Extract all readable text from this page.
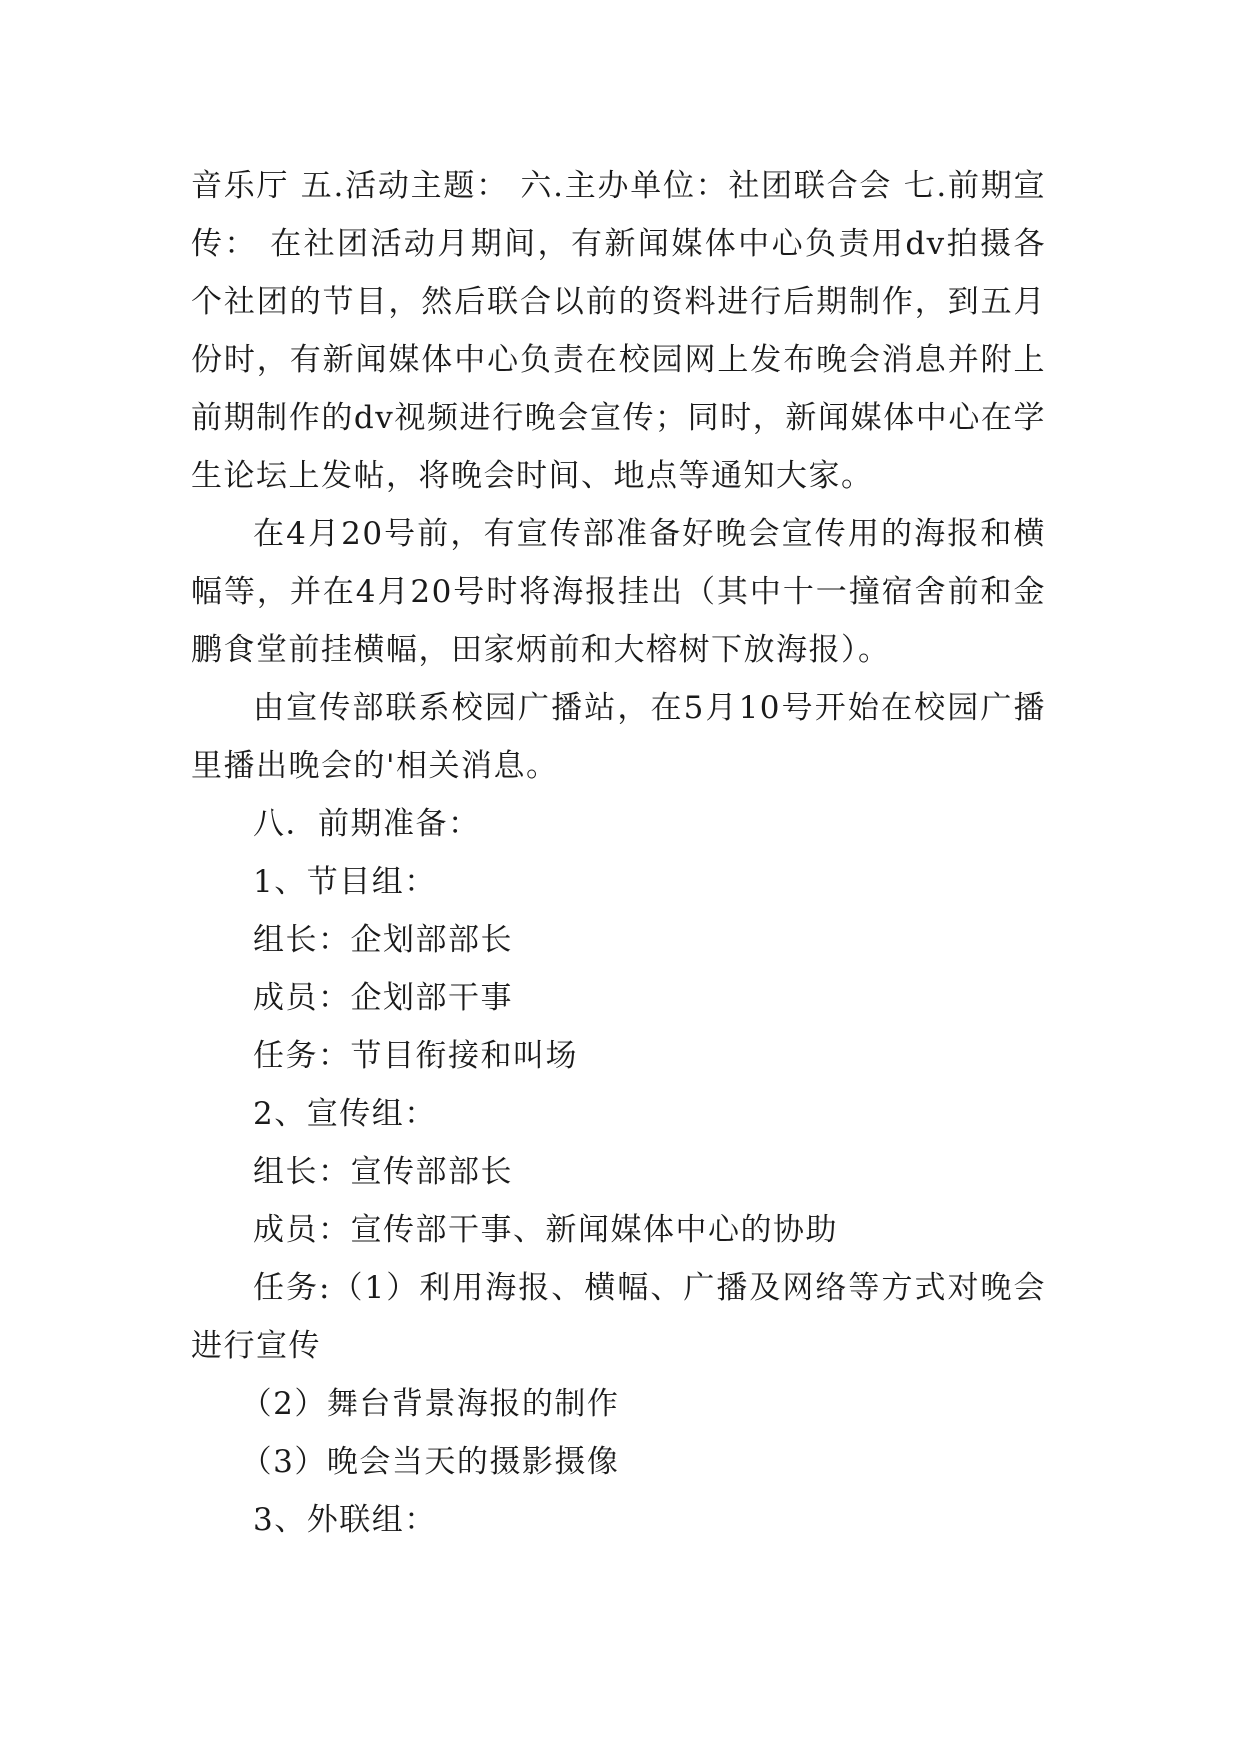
音乐厅 五.活动主题： 六.主办单位：社团联合会 七.前期宣传： 在社团活动月期间，有新闻媒体中心负责用dv拍摄各个社团的节目，然后联合以前的资料进行后期制作，到五月份时，有新闻媒体中心负责在校园网上发布晚会消息并附上前期制作的dv视频进行晚会宣传；同时，新闻媒体中心在学生论坛上发帖，将晚会时间、地点等通知大家。

在4月20号前，有宣传部准备好晚会宣传用的海报和横幅等，并在4月20号时将海报挂出（其中十一撞宿舍前和金鹏食堂前挂横幅，田家炳前和大榕树下放海报）。

由宣传部联系校园广播站，在5月10号开始在校园广播里播出晚会的'相关消息。

八．前期准备：

1、节目组：

组长：企划部部长

成员：企划部干事

任务：节目衔接和叫场

2、宣传组：

组长：宣传部部长

成员：宣传部干事、新闻媒体中心的协助

任务:（1）利用海报、横幅、广播及网络等方式对晚会进行宣传

（2）舞台背景海报的制作

（3）晚会当天的摄影摄像

3、外联组：
